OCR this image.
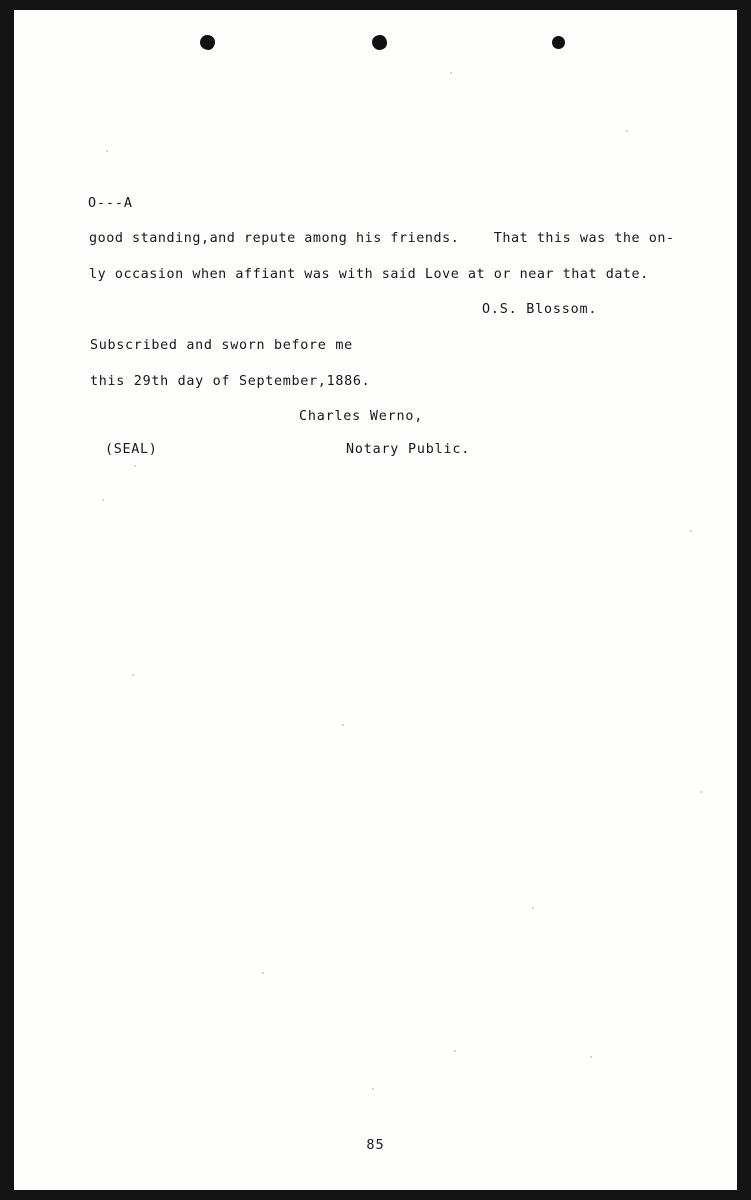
O---A
good standing,and repute among his friends.    That this was the on-
ly occasion when affiant was with said Love at or near that date.
O.S. Blossom.
Subscribed and sworn before me
this 29th day of September,1886.
Charles Werno,
(SEAL)	Notary Public.
85
